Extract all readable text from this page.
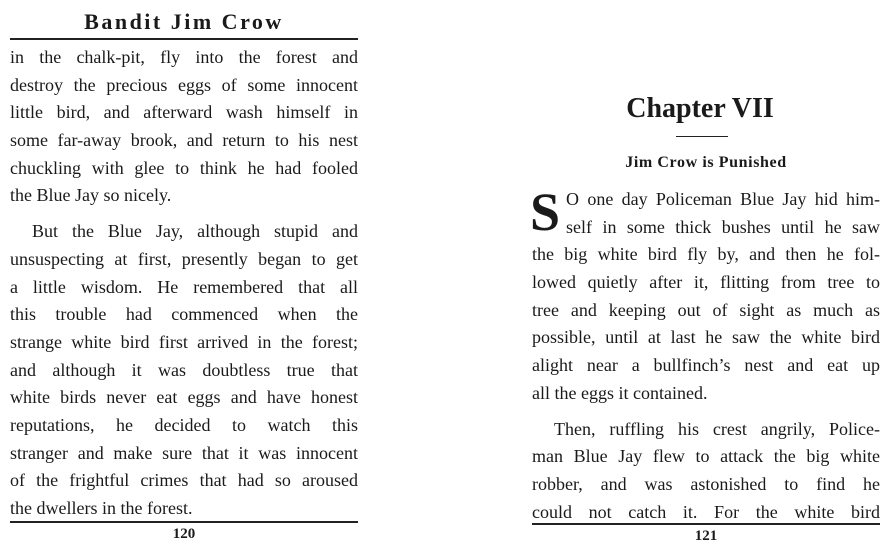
Bandit Jim Crow

in the chalk-pit, fly into the forest and
destroy the precious eggs of some innocent
little bird, and afterward wash himself in
some far-away brook, and return to his nest
chuckling with glee to think he had fooled
the Blue Jay so nicely.

But the Blue Jay, although stupid and
unsuspecting at first, presently began to get
a little wisdom. He remembered that all
this trouble had commenced when the
strange white bird first arrived in the forest;
and although it was doubtless true that
white birds never eat eggs and have honest
reputations, he decided to watch this
stranger and make sure that it was innocent
of the frightful crimes that had so aroused
the dwellers in the forest.

120
Chapter VII
Jim Crow is Punished

S O one day Policeman Blue Jay hid him-
self in some thick bushes until he saw
the big white bird fly by, and then he fol-
lowed quietly after it, flitting from tree to
tree and keeping out of sight as much as
possible, until at last he saw the white bird
alight near a bullfinch’s nest and eat up
all the eggs it contained.

Then, ruffling his crest angrily, Police-
man Blue Jay flew to attack the big white
robber, and was astonished to find he
could not catch it. For the white bird

121
